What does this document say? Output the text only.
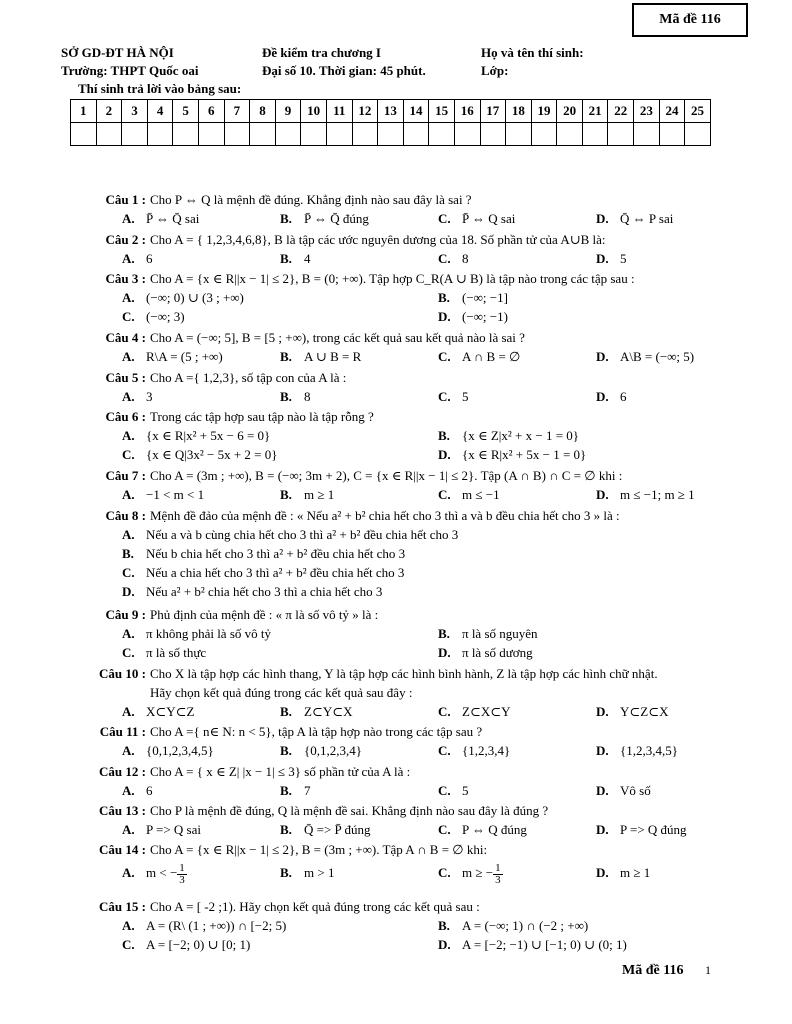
Mã đề 116
SỞ GD-ĐT HÀ NỘI
Trường: THPT Quốc oai
Đề kiểm tra chương I
Đại số 10. Thời gian: 45 phút.
Họ và tên thí sinh:
Lớp:
Thí sinh trả lời vào bảng sau:
1	2	3	4	5	6	7	8	9	10	11	12	13	14	15	16	17	18	19	20	21	22	23	24	25

Câu 1 : Cho P ⇔ Q là mệnh đề đúng. Khẳng định nào sau đây là sai ?
A. P̄ ⇔ Q̄ sai	B. P̄ ⇔ Q̄ đúng	C. P̄ ⇔ Q sai	D. Q̄ ⇔ P sai
Câu 2 : Cho A = { 1,2,3,4,6,8}, B là tập các ước nguyên dương của 18. Số phần tử của A∪B là:
A. 6	B. 4	C. 8	D. 5
Câu 3 : Cho A = {x ∈ R||x − 1| ≤ 2}, B = (0; +∞). Tập hợp C_R(A ∪ B) là tập nào trong các tập sau :
A. (−∞; 0) ∪ (3 ; +∞)	B. (−∞; −1]
C. (−∞; 3)	D. (−∞; −1)
Câu 4 : Cho A = (−∞; 5], B = [5 ; +∞), trong các kết quả sau kết quả nào là sai ?
A. R\A = (5 ; +∞)	B. A ∪ B = R	C. A ∩ B = ∅	D. A\B = (−∞; 5)
Câu 5 : Cho A ={ 1,2,3}, số tập con của A là :
A. 3	B. 8	C. 5	D. 6
Câu 6 : Trong các tập hợp sau tập nào là tập rỗng ?
A. {x ∈ R|x² + 5x − 6 = 0}	B. {x ∈ Z|x² + x − 1 = 0}
C. {x ∈ Q|3x² − 5x + 2 = 0}	D. {x ∈ R|x² + 5x − 1 = 0}
Câu 7 : Cho A = (3m ; +∞), B = (−∞; 3m + 2), C = {x ∈ R||x − 1| ≤ 2}. Tập (A ∩ B) ∩ C = ∅ khi :
A. −1 < m < 1	B. m ≥ 1	C. m ≤ −1	D. m ≤ −1; m ≥ 1
Câu 8 : Mệnh đề đảo của mệnh đề : « Nếu a² + b² chia hết cho 3 thì a và b đều chia hết cho 3 » là :
A. Nếu a và b cùng chia hết cho 3 thì a² + b² đều chia hết cho 3
B. Nếu b chia hết cho 3 thì a² + b² đều chia hết cho 3
C. Nếu a chia hết cho 3 thì a² + b² đều chia hết cho 3
D. Nếu a² + b² chia hết cho 3 thì a chia hết cho 3
Câu 9 : Phủ định của mệnh đề : « π là số vô tỷ » là :
A. π không phải là số vô tỷ	B. π là số nguyên
C. π là số thực	D. π là số dương
Câu 10 : Cho X là tập hợp các hình thang, Y là tập hợp các hình bình hành, Z là tập hợp các hình chữ nhật.
Hãy chọn kết quả đúng trong các kết quả sau đây :
A. X⊂Y⊂Z	B. Z⊂Y⊂X	C. Z⊂X⊂Y	D. Y⊂Z⊂X
Câu 11 : Cho A ={ n∈ N: n < 5}, tập A là tập hợp nào trong các tập sau ?
A. {0,1,2,3,4,5}	B. {0,1,2,3,4}	C. {1,2,3,4}	D. {1,2,3,4,5}
Câu 12 : Cho A = { x ∈ Z| |x − 1| ≤ 3} số phần tử của A là :
A. 6	B. 7	C. 5	D. Vô số
Câu 13 : Cho P là mệnh đề đúng, Q là mệnh đề sai. Khẳng định nào sau đây là đúng ?
A. P => Q sai	B. Q̄ => P̄ đúng	C. P ⇔ Q đúng	D. P => Q đúng
Câu 14 : Cho A = {x ∈ R||x − 1| ≤ 2}, B = (3m ; +∞). Tập A ∩ B = ∅ khi:
A. m < − $\frac{1}{3}$	B. m > 1	C. m ≥ − $\frac{1}{3}$	D. m ≥ 1
Câu 15 : Cho A = [ -2 ;1). Hãy chọn kết quả đúng trong các kết quả sau :
A. A = (R\ (1 ; +∞)) ∩ [−2; 5)	B. A = (−∞; 1) ∩ (−2 ; +∞)
C. A = [−2; 0) ∪ [0; 1)	D. A = [−2; −1) ∪ [−1; 0) ∪ (0; 1)
Mã đề 116 1
